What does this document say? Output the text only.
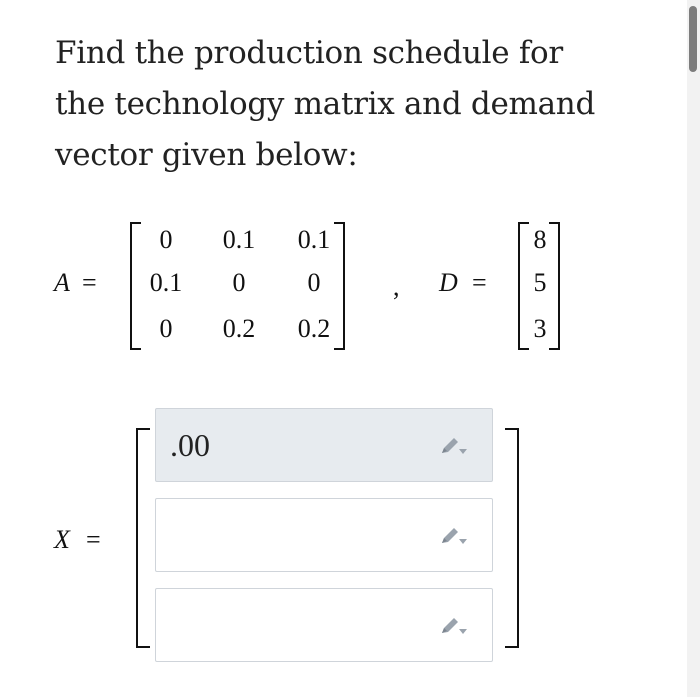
Find the production schedule for the technology matrix and demand vector given below:
A =
0	0.1	0.1
0.1	0	0
0	0.2	0.2
, D =
8
5
3
X =
.00
